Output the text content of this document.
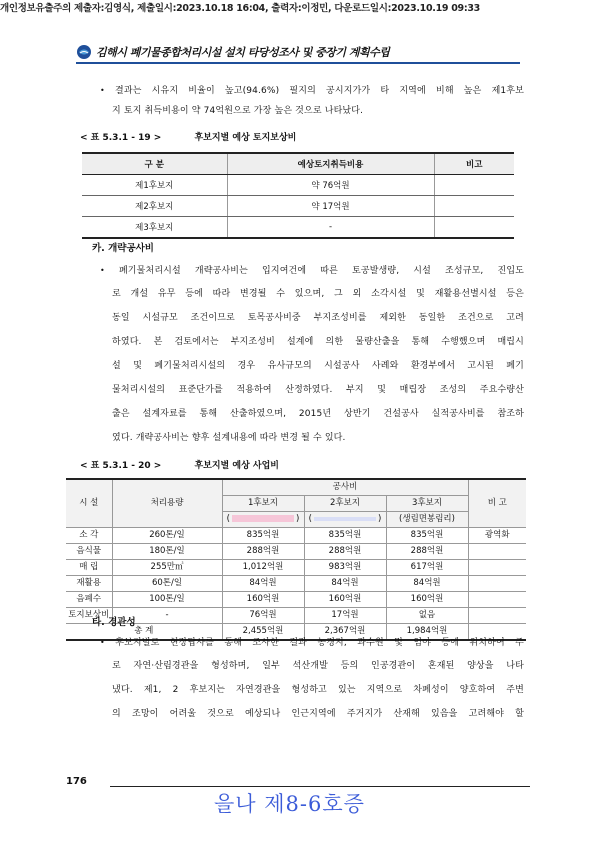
개인정보유출주의 제출자:김영식, 제출일시:2023.10.18 16:04, 출력자:이정민, 다운로드일시:2023.10.19 09:33
김해시 폐기물종합처리시설 설치 타당성조사 및 중장기 계획수립
• 결과는 시유지 비율이 높고(94.6%) 필지의 공시지가가 타 지역에 비해 높은 제1후보
지 토지 취득비용이 약 74억원으로 가장 높은 것으로 나타났다.
< 표 5.3.1 - 19 >	후보지별 예상 토지보상비
구 분	예상토지취득비용	비고
제1후보지	약 76억원	
제2후보지	약 17억원	
제3후보지	-	
카. 개략공사비
• 폐기물처리시설 개략공사비는 입지여건에 따른 토공발생량, 시설 조성규모, 진입도
로 개설 유무 등에 따라 변경될 수 있으며, 그 외 소각시설 및 재활용선별시설 등은
동일 시설규모 조건이므로 토목공사비중 부지조성비를 제외한 동일한 조건으로 고려
하였다. 본 검토에서는 부지조성비 설계에 의한 물량산출을 통해 수행했으며 매립시
설 및 폐기물처리시설의 경우 유사규모의 시설공사 사례와 환경부에서 고시된 폐기
물처리시설의 표준단가를 적용하여 산정하였다. 부지 및 매립장 조성의 주요수량산
출은 설계자료를 통해 산출하였으며, 2015년 상반기 건설공사 실적공사비를 참조하
였다. 개략공사비는 향후 설계내용에 따라 변경 될 수 있다.
< 표 5.3.1 - 20 >	후보지별 예상 사업비
시 설	처리용량	공사비			비 고
		1후보지	2후보지	3후보지	
		( )	( )	(생림면봉림리)	
소 각	260톤/일	835억원	835억원	835억원	광역화
음식물	180톤/일	288억원	288억원	288억원	
매 립	255만㎥	1,012억원	983억원	617억원	
재활용	60톤/일	84억원	84억원	84억원	
음폐수	100톤/일	160억원	160억원	160억원	
토지보상비	-	76억원	17억원	없음	
총 계		2,455억원	2,367억원	1,984억원	
타. 경관성
• 후보지별로 현장답사를 통해 조사한 결과 농경지, 과수원 및 임야 등에 위치하여 주
로 자연·산림경관을 형성하며, 일부 석산개발 등의 인공경관이 혼재된 양상을 나타
냈다. 제1, 2 후보지는 자연경관을 형성하고 있는 지역으로 차폐성이 양호하여 주변
의 조망이 어려울 것으로 예상되나 인근지역에 주거지가 산재해 있음을 고려해야 할
176
을나 제8-6호증
